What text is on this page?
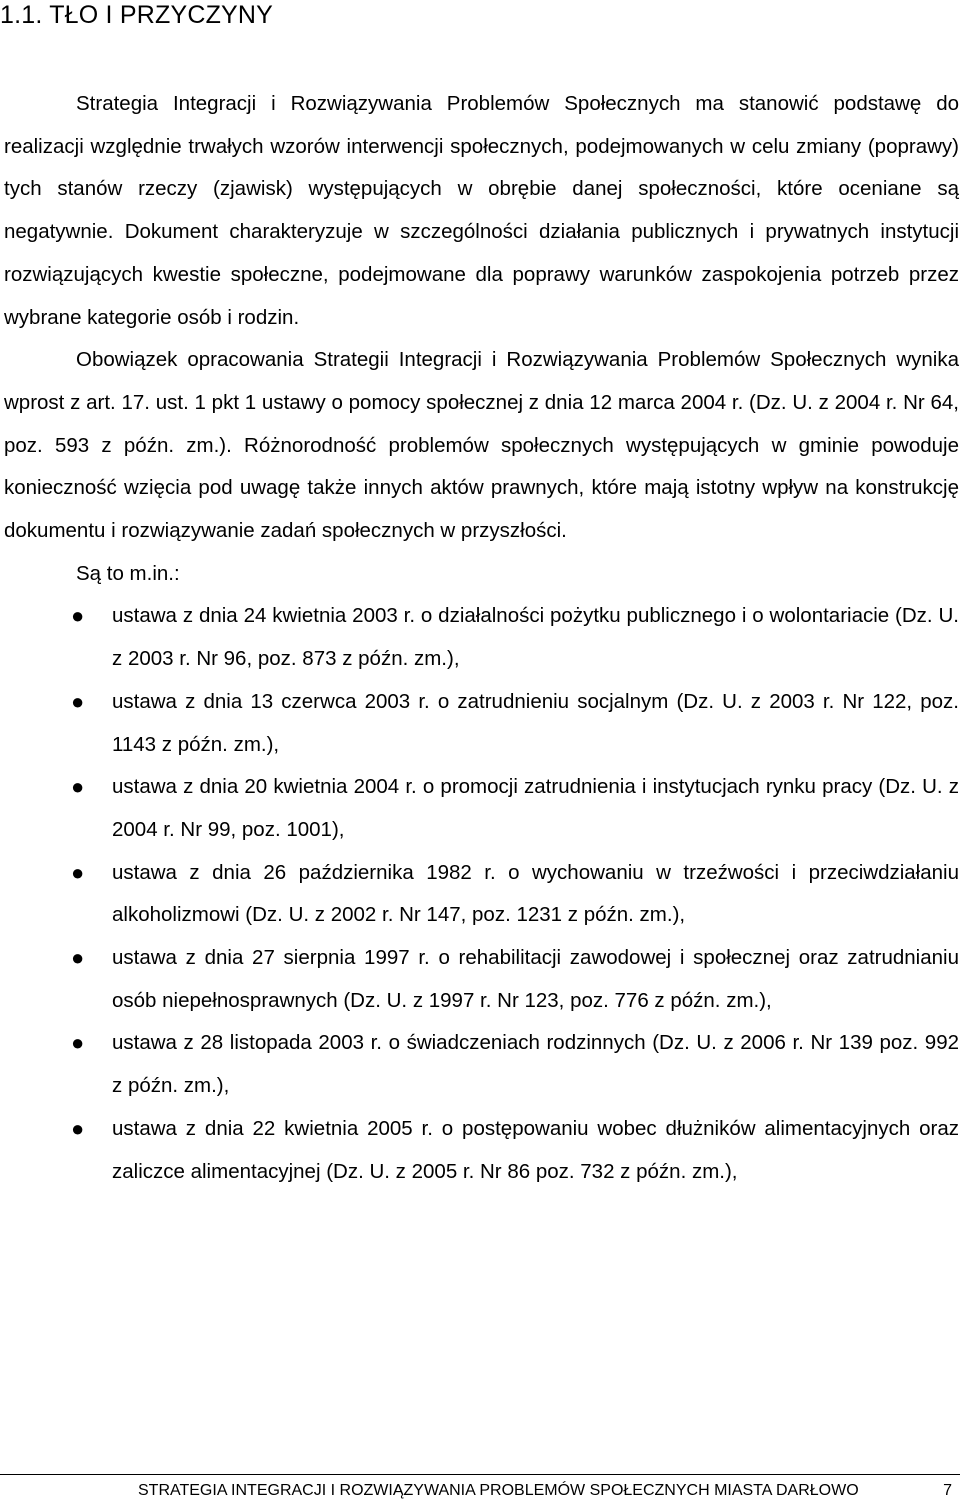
1.1. TŁO I PRZYCZYNY

Strategia Integracji i Rozwiązywania Problemów Społecznych ma stanowić podstawę do realizacji względnie trwałych wzorów interwencji społecznych, podejmowanych w celu zmiany (poprawy) tych stanów rzeczy (zjawisk) występujących w obrębie danej społeczności, które oceniane są negatywnie. Dokument charakteryzuje w szczególności działania publicznych i prywatnych instytucji rozwiązujących kwestie społeczne, podejmowane dla poprawy warunków zaspokojenia potrzeb przez wybrane kategorie osób i rodzin.

Obowiązek opracowania Strategii Integracji i Rozwiązywania Problemów Społecznych wynika wprost z art. 17. ust. 1 pkt 1 ustawy o pomocy społecznej z dnia 12 marca 2004 r. (Dz. U. z 2004 r. Nr 64, poz. 593 z późn. zm.). Różnorodność problemów społecznych występujących w gminie powoduje konieczność wzięcia pod uwagę także innych aktów prawnych, które mają istotny wpływ na konstrukcję dokumentu i rozwiązywanie zadań społecznych w przyszłości.

Są to m.in.:

● ustawa z dnia 24 kwietnia 2003 r. o działalności pożytku publicznego i o wolontariacie (Dz. U. z 2003 r. Nr 96, poz. 873 z późn. zm.),
● ustawa z dnia 13 czerwca 2003 r. o zatrudnieniu socjalnym (Dz. U. z 2003 r. Nr 122, poz. 1143 z późn. zm.),
● ustawa z dnia 20 kwietnia 2004 r. o promocji zatrudnienia i instytucjach rynku pracy (Dz. U. z 2004 r. Nr 99, poz. 1001),
● ustawa z dnia 26 października 1982 r. o wychowaniu w trzeźwości i przeciwdziałaniu alkoholizmowi (Dz. U. z 2002 r. Nr 147, poz. 1231 z późn. zm.),
● ustawa z dnia 27 sierpnia 1997 r. o rehabilitacji zawodowej i społecznej oraz zatrudnianiu osób niepełnosprawnych (Dz. U. z 1997 r. Nr 123, poz. 776 z późn. zm.),
● ustawa z 28 listopada 2003 r. o świadczeniach rodzinnych (Dz. U. z 2006 r. Nr 139 poz. 992 z późn. zm.),
● ustawa z dnia 22 kwietnia 2005 r. o postępowaniu wobec dłużników alimentacyjnych oraz zaliczce alimentacyjnej (Dz. U. z 2005 r. Nr 86 poz. 732 z późn. zm.),
STRATEGIA INTEGRACJI I ROZWIĄZYWANIA PROBLEMÓW SPOŁECZNYCH MIASTA DARŁOWO	7
